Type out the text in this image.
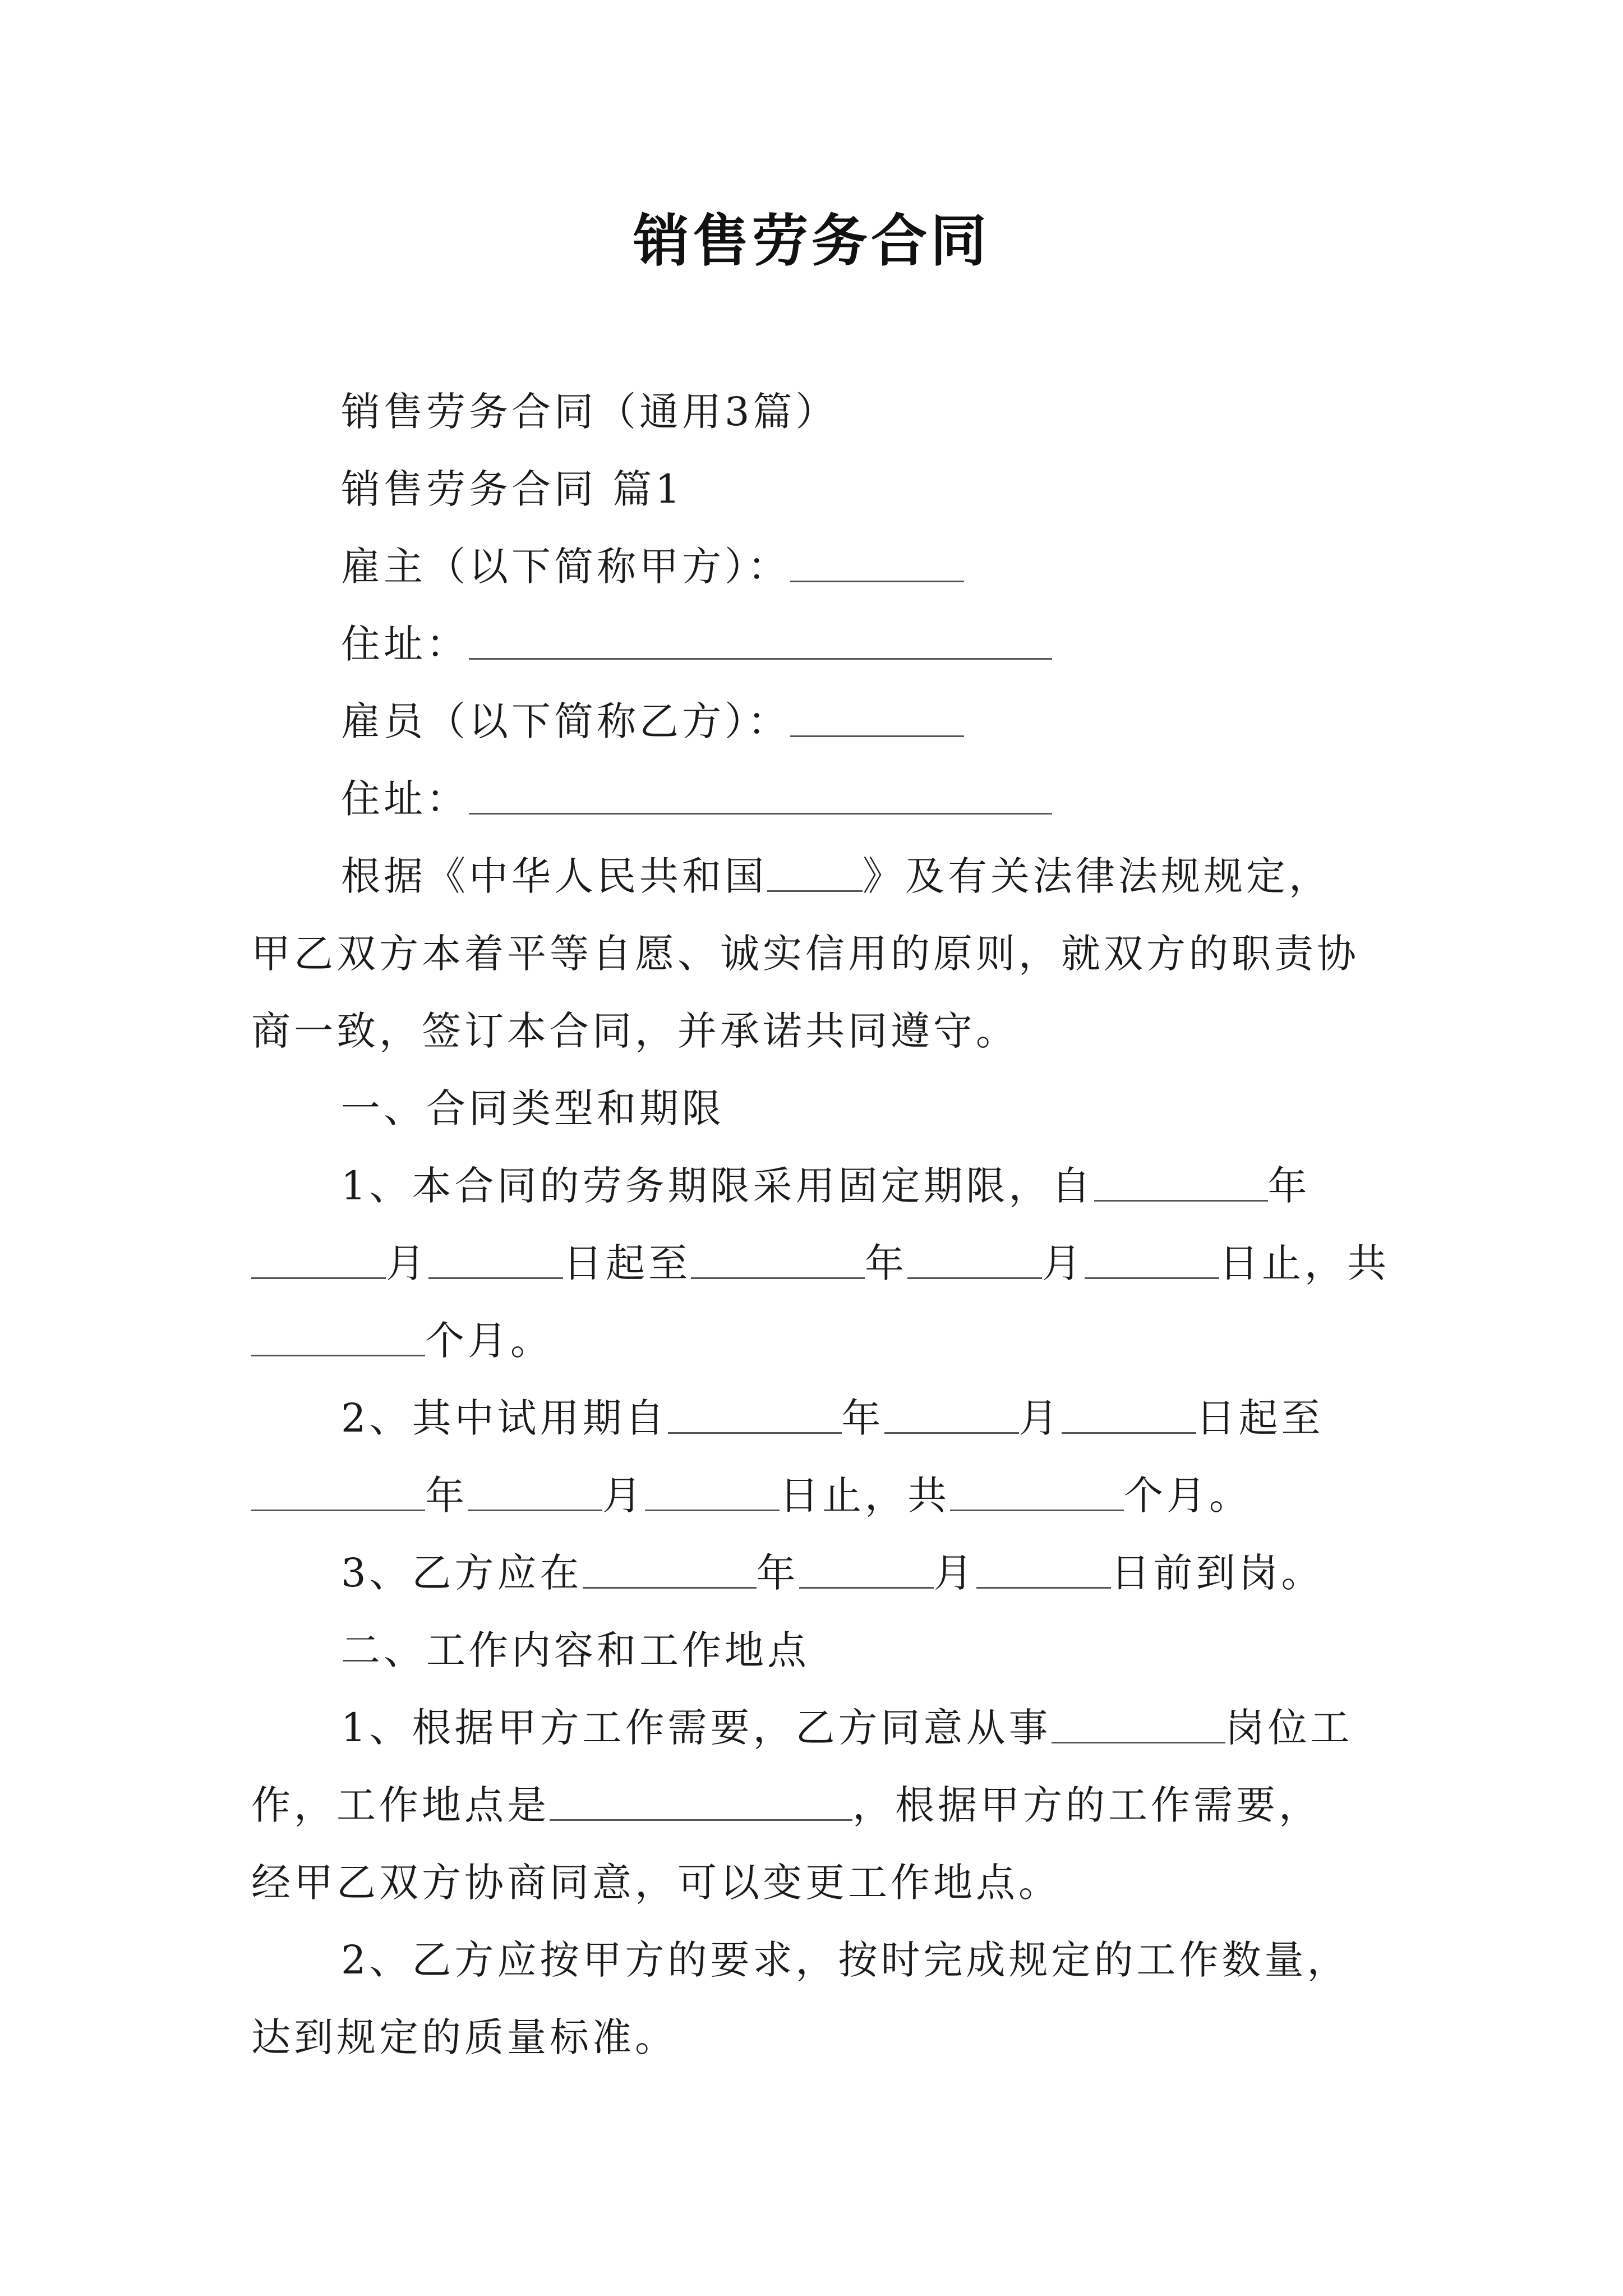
销售劳务合同

销售劳务合同（通用3篇）

销售劳务合同 篇1

雇主（以下简称甲方）：

住址：

雇员（以下简称乙方）：

住址：

根据《中华人民共和国 》及有关法律法规规定，

甲乙双方本着平等自愿、诚实信用的原则，就双方的职责协

商一致，签订本合同，并承诺共同遵守。

一、合同类型和期限

1、本合同的劳务期限采用固定期限，自	年

月	日起至	年	月	日止，共

个月。

2、其中试用期自	年	月	日起至

年	月	日止，共	个月。

3、乙方应在	年	月	日前到岗。

二、工作内容和工作地点

1、根据甲方工作需要，乙方同意从事	岗位工

作，工作地点是	，根据甲方的工作需要，

经甲乙双方协商同意，可以变更工作地点。

2、乙方应按甲方的要求，按时完成规定的工作数量，

达到规定的质量标准。
